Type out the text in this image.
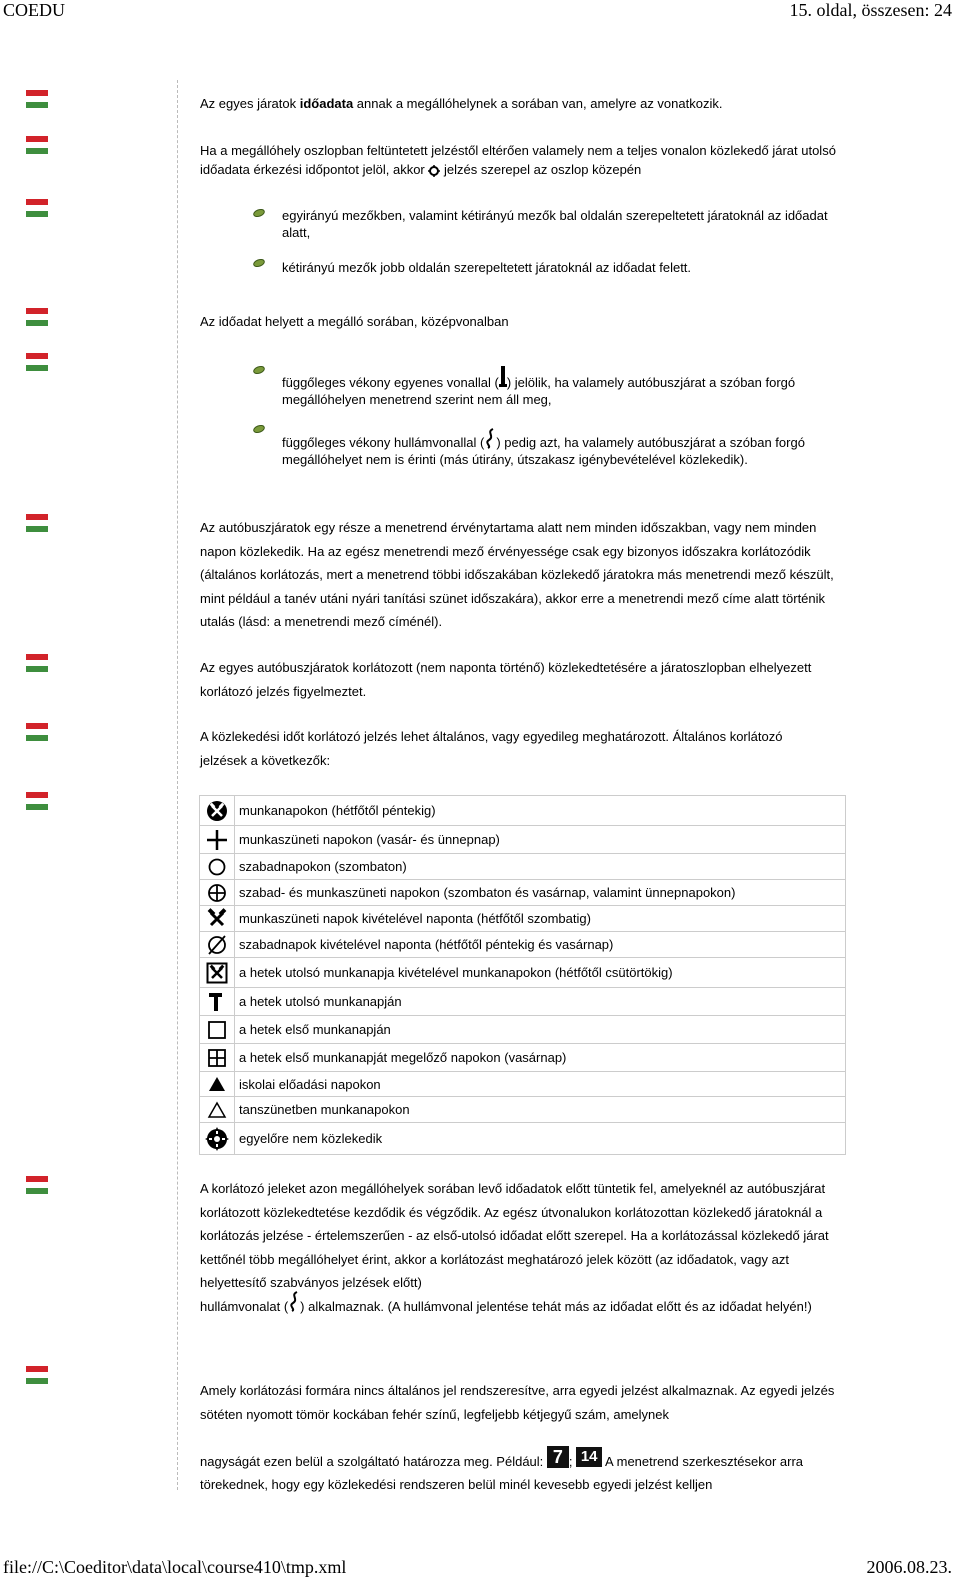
COEDU	15. oldal, összesen: 24
Az egyes járatok időadata annak a megállóhelynek a sorában van, amelyre az vonatkozik.
Ha a megállóhely oszlopban feltüntetett jelzéstől eltérően valamely nem a teljes vonalon közlekedő járat utolsó időadata érkezési időpontot jelöl, akkor  jelzés szerepel az oszlop közepén
egyirányú mezőkben, valamint kétirányú mezők bal oldalán szerepeltetett járatoknál az időadat alatt,
kétirányú mezők jobb oldalán szerepeltetett járatoknál az időadat felett.
Az időadat helyett a megálló sorában, középvonalban
függőleges vékony egyenes vonallal ( ) jelölik, ha valamely autóbuszjárat a szóban forgó megállóhelyen menetrend szerint nem áll meg,
függőleges vékony hullámvonallal ( ) pedig azt, ha valamely autóbuszjárat a szóban forgó megállóhelyet nem is érinti (más útirány, útszakasz igénybevételével közlekedik).
Az autóbuszjáratok egy része a menetrend érvénytartama alatt nem minden időszakban, vagy nem minden napon közlekedik. Ha az egész menetrendi mező érvényessége csak egy bizonyos időszakra korlátozódik (általános korlátozás, mert a menetrend többi időszakában közlekedő járatokra más menetrendi mező készült, mint például a tanév utáni nyári tanítási szünet időszakára), akkor erre a menetrendi mező címe alatt történik utalás (lásd: a menetrendi mező címénél).
Az egyes autóbuszjáratok korlátozott (nem naponta történő) közlekedtetésére a járatoszlopban elhelyezett korlátozó jelzés figyelmeztet.
A közlekedési időt korlátozó jelzés lehet általános, vagy egyedileg meghatározott. Általános korlátozó jelzések a következők:
	munkanapokon (hétfőtől péntekig)

	munkaszüneti napokon (vasár- és ünnepnap)

	szabadnapokon (szombaton)

	szabad- és munkaszüneti napokon (szombaton és vasárnap, valamint ünnepnapokon)

	munkaszüneti napok kivételével naponta (hétfőtől szombatig)

	szabadnapok kivételével naponta (hétfőtől péntekig és vasárnap)

	a hetek utolsó munkanapja kivételével munkanapokon (hétfőtől csütörtökig)

	a hetek utolsó munkanapján

	a hetek első munkanapján

	a hetek első munkanapját megelőző napokon (vasárnap)

	iskolai előadási napokon

	tanszünetben munkanapokon

	egyelőre nem közlekedik
A korlátozó jeleket azon megállóhelyek sorában levő időadatok előtt tüntetik fel, amelyeknél az autóbuszjárat korlátozott közlekedtetése kezdődik és végződik. Az egész útvonalukon korlátozottan közlekedő járatoknál a korlátozás jelzése - értelemszerűen - az első-utolsó időadat előtt szerepel. Ha a korlátozással közlekedő járat kettőnél több megállóhelyet érint, akkor a korlátozást meghatározó jelek között (az időadatok, vagy azt helyettesítő szabványos jelzések előtt)
hullámvonalat ( ) alkalmaznak. (A hullámvonal jelentése tehát más az időadat előtt és az időadat helyén!)
Amely korlátozási formára nincs általános jel rendszeresítve, arra egyedi jelzést alkalmaznak. Az egyedi jelzés sötéten nyomott tömör kockában fehér színű, legfeljebb kétjegyű szám, amelynek

nagyságát ezen belül a szolgáltató határozza meg. Például: 7 ; 14 A menetrend szerkesztésekor arra törekednek, hogy egy közlekedési rendszeren belül minél kevesebb egyedi jelzést kelljen
file://C:\Coeditor\data\local\course410\tmp.xml	2006.08.23.
